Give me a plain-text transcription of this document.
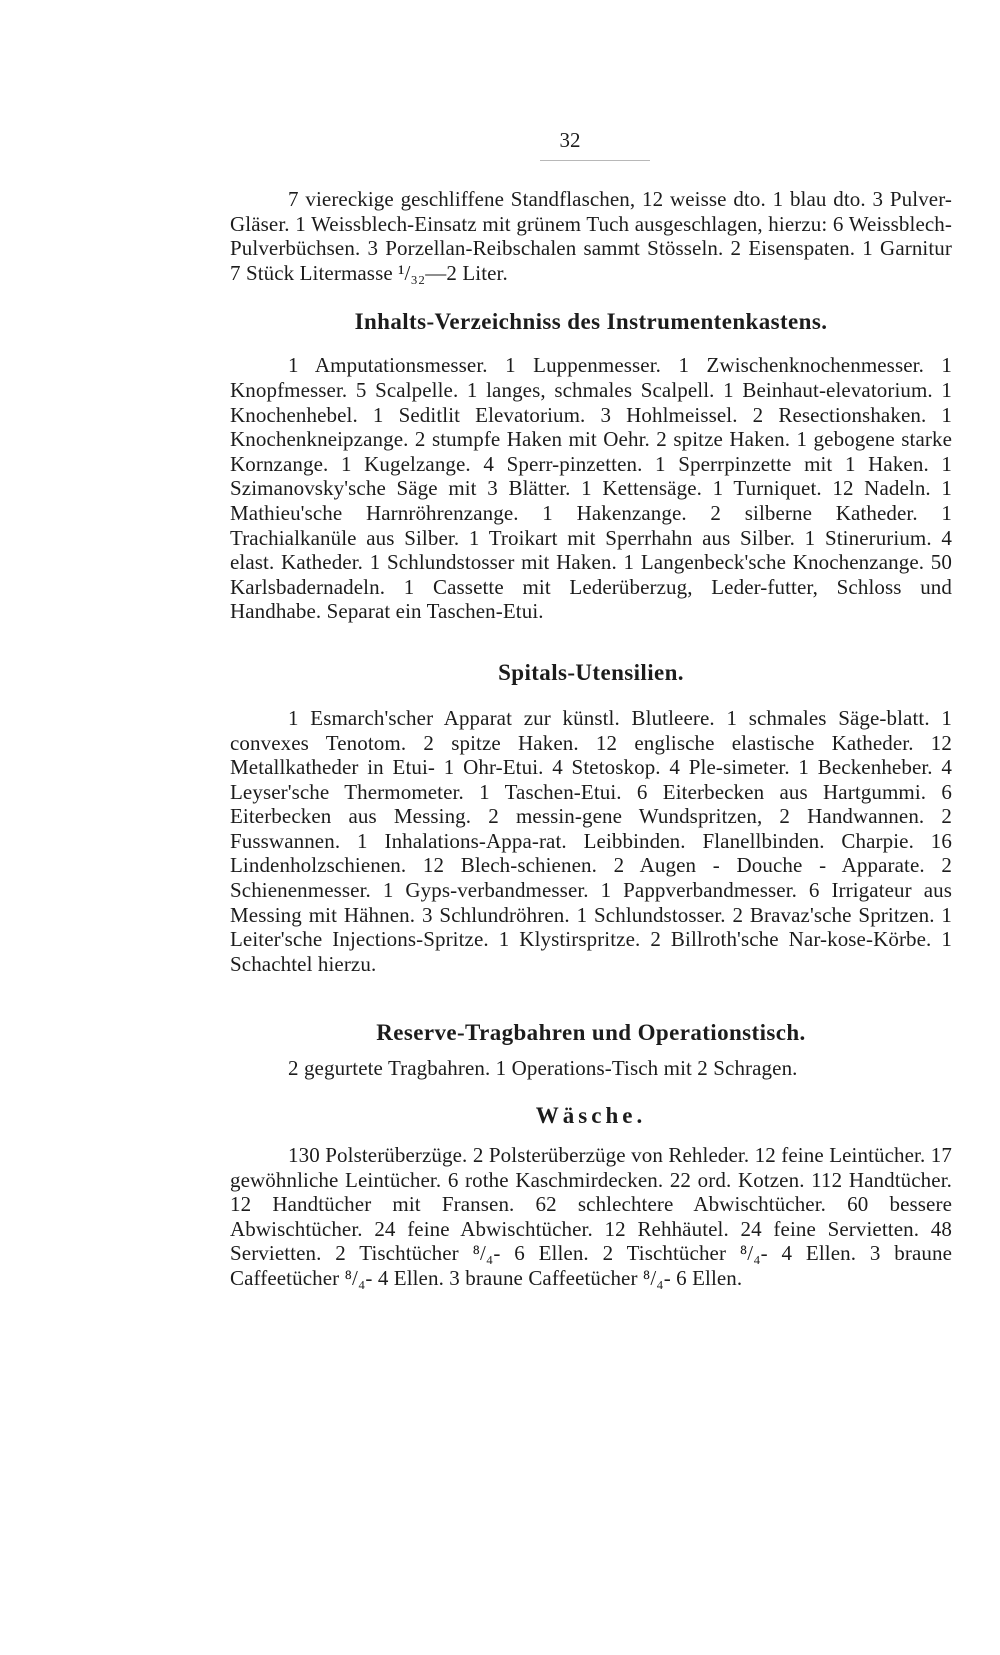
32

7 viereckige geschliffene Standflaschen, 12 weisse dto. 1 blau dto. 3 Pulver-Gläser. 1 Weissblech-Einsatz mit grünem Tuch ausgeschlagen, hierzu: 6 Weissblech-Pulverbüchsen. 3 Porzellan-Reibschalen sammt Stösseln. 2 Eisenspaten. 1 Garnitur 7 Stück Litermasse ¹/₃₂—2 Liter.

Inhalts-Verzeichniss des Instrumentenkastens.

1 Amputationsmesser. 1 Luppenmesser. 1 Zwischenknochenmesser. 1 Knopfmesser. 5 Scalpelle. 1 langes, schmales Scalpell. 1 Beinhaut-elevatorium. 1 Knochenhebel. 1 Seditlit Elevatorium. 3 Hohlmeissel. 2 Resectionshaken. 1 Knochenkneipzange. 2 stumpfe Haken mit Oehr. 2 spitze Haken. 1 gebogene starke Kornzange. 1 Kugelzange. 4 Sperr-pinzetten. 1 Sperrpinzette mit 1 Haken. 1 Szimanovsky'sche Säge mit 3 Blätter. 1 Kettensäge. 1 Turniquet. 12 Nadeln. 1 Mathieu'sche Harnröhrenzange. 1 Hakenzange. 2 silberne Katheder. 1 Trachialkanüle aus Silber. 1 Troikart mit Sperrhahn aus Silber. 1 Stinerurium. 4 elast. Katheder. 1 Schlundstosser mit Haken. 1 Langenbeck'sche Knochenzange. 50 Karlsbadernadeln. 1 Cassette mit Lederüberzug, Leder-futter, Schloss und Handhabe. Separat ein Taschen-Etui.

Spitals-Utensilien.

1 Esmarch'scher Apparat zur künstl. Blutleere. 1 schmales Säge-blatt. 1 convexes Tenotom. 2 spitze Haken. 12 englische elastische Katheder. 12 Metallkatheder in Etui- 1 Ohr-Etui. 4 Stetoskop. 4 Ple-simeter. 1 Beckenheber. 4 Leyser'sche Thermometer. 1 Taschen-Etui. 6 Eiterbecken aus Hartgummi. 6 Eiterbecken aus Messing. 2 messin-gene Wundspritzen, 2 Handwannen. 2 Fusswannen. 1 Inhalations-Appa-rat. Leibbinden. Flanellbinden. Charpie. 16 Lindenholzschienen. 12 Blech-schienen. 2 Augen - Douche - Apparate. 2 Schienenmesser. 1 Gyps-verbandmesser. 1 Pappverbandmesser. 6 Irrigateur aus Messing mit Hähnen. 3 Schlundröhren. 1 Schlundstosser. 2 Bravaz'sche Spritzen. 1 Leiter'sche Injections-Spritze. 1 Klystirspritze. 2 Billroth'sche Nar-kose-Körbe. 1 Schachtel hierzu.

Reserve-Tragbahren und Operationstisch.

2 gegurtete Tragbahren. 1 Operations-Tisch mit 2 Schragen.

Wäsche.

130 Polsterüberzüge. 2 Polsterüberzüge von Rehleder. 12 feine Leintücher. 17 gewöhnliche Leintücher. 6 rothe Kaschmirdecken. 22 ord. Kotzen. 112 Handtücher. 12 Handtücher mit Fransen. 62 schlechtere Abwischtücher. 60 bessere Abwischtücher. 24 feine Abwischtücher. 12 Rehhäutel. 24 feine Servietten. 48 Servietten. 2 Tischtücher ⁸/₄- 6 Ellen. 2 Tischtücher ⁸/₄- 4 Ellen. 3 braune Caffeetücher ⁸/₄- 4 Ellen. 3 braune Caffeetücher ⁸/₄- 6 Ellen.
